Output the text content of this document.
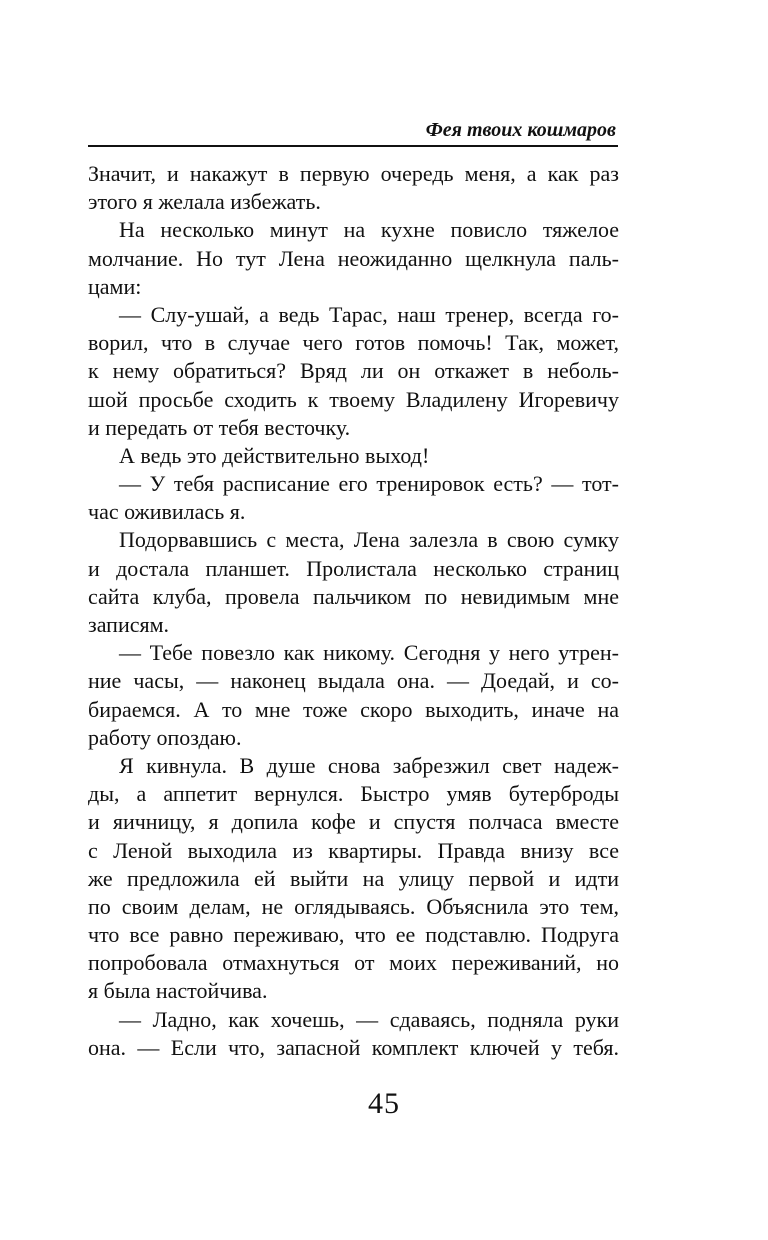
Фея твоих кошмаров
Значит, и накажут в первую очередь меня, а как раз
этого я желала избежать.
На несколько минут на кухне повисло тяжелое
молчание. Но тут Лена неожиданно щелкнула паль-
цами:
— Слу-ушай, а ведь Тарас, наш тренер, всегда го-
ворил, что в случае чего готов помочь! Так, может,
к нему обратиться? Вряд ли он откажет в неболь-
шой просьбе сходить к твоему Владилену Игоревичу
и передать от тебя весточку.
А ведь это действительно выход!
— У тебя расписание его тренировок есть? — тот-
час оживилась я.
Подорвавшись с места, Лена залезла в свою сумку
и достала планшет. Пролистала несколько страниц
сайта клуба, провела пальчиком по невидимым мне
записям.
— Тебе повезло как никому. Сегодня у него утрен-
ние часы, — наконец выдала она. — Доедай, и со-
бираемся. А то мне тоже скоро выходить, иначе на
работу опоздаю.
Я кивнула. В душе снова забрезжил свет надеж-
ды, а аппетит вернулся. Быстро умяв бутерброды
и яичницу, я допила кофе и спустя полчаса вместе
с Леной выходила из квартиры. Правда внизу все
же предложила ей выйти на улицу первой и идти
по своим делам, не оглядываясь. Объяснила это тем,
что все равно переживаю, что ее подставлю. Подруга
попробовала отмахнуться от моих переживаний, но
я была настойчива.
— Ладно, как хочешь, — сдаваясь, подняла руки
она. — Если что, запасной комплект ключей у тебя.
45
